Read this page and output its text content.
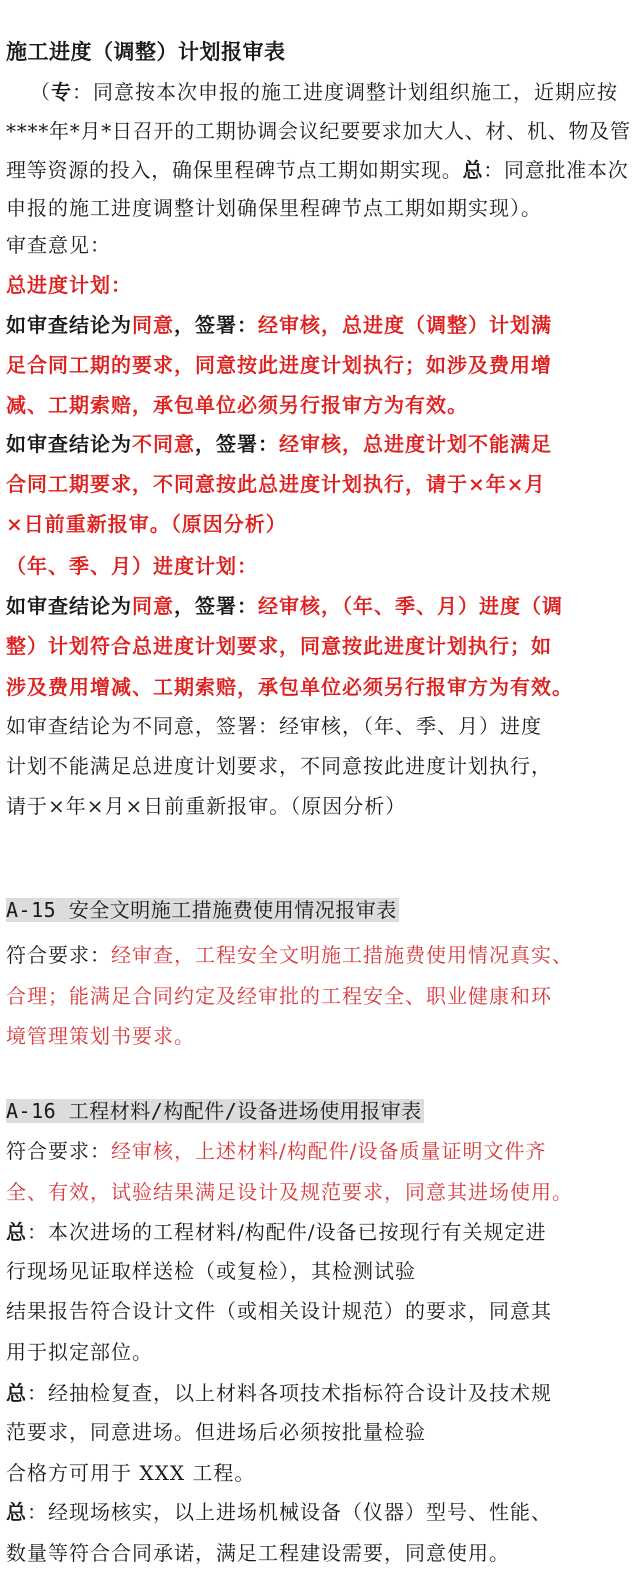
施工进度（调整）计划报审表
（专：同意按本次申报的施工进度调整计划组织施工，近期应按
****年*月*日召开的工期协调会议纪要要求加大人、材、机、物及管
理等资源的投入，确保里程碑节点工期如期实现。总：同意批准本次
申报的施工进度调整计划确保里程碑节点工期如期实现）。
审查意见：
总进度计划：
如审查结论为同意，签署：经审核，总进度（调整）计划满
足合同工期的要求，同意按此进度计划执行；如涉及费用增
减、工期索赔，承包单位必须另行报审方为有效。
如审查结论为不同意，签署：经审核，总进度计划不能满足
合同工期要求，不同意按此总进度计划执行，请于×年×月
×日前重新报审。（原因分析）
（年、季、月）进度计划：
如审查结论为同意，签署：经审核，（年、季、月）进度（调
整）计划符合总进度计划要求，同意按此进度计划执行；如
涉及费用增减、工期索赔，承包单位必须另行报审方为有效。
如审查结论为不同意，签署：经审核，（年、季、月）进度
计划不能满足总进度计划要求，不同意按此进度计划执行，
请于×年×月×日前重新报审。（原因分析）
A-15 安全文明施工措施费使用情况报审表
符合要求：经审查，工程安全文明施工措施费使用情况真实、
合理；能满足合同约定及经审批的工程安全、职业健康和环
境管理策划书要求。
A-16 工程材料/构配件/设备进场使用报审表
符合要求：经审核，上述材料/构配件/设备质量证明文件齐
全、有效，试验结果满足设计及规范要求，同意其进场使用。
总：本次进场的工程材料/构配件/设备已按现行有关规定进
行现场见证取样送检（或复检），其检测试验
结果报告符合设计文件（或相关设计规范）的要求，同意其
用于拟定部位。
总：经抽检复查，以上材料各项技术指标符合设计及技术规
范要求，同意进场。但进场后必须按批量检验
合格方可用于 XXX 工程。
总：经现场核实，以上进场机械设备（仪器）型号、性能、
数量等符合合同承诺，满足工程建设需要，同意使用。
